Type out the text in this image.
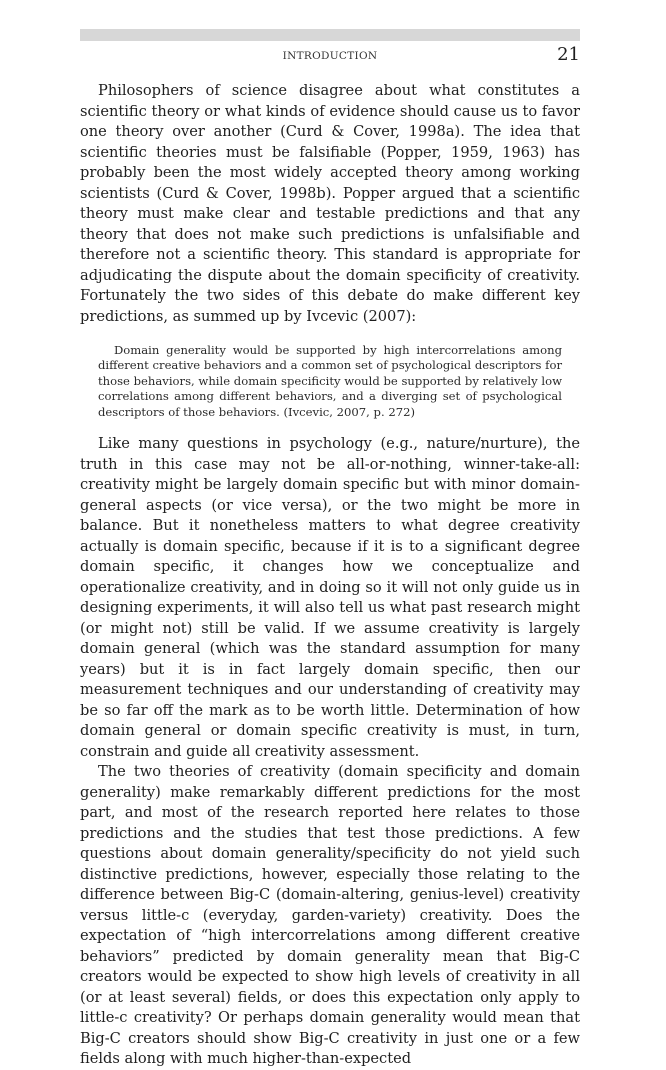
INTRODUCTION	21

Philosophers of science disagree about what constitutes a scientific theory or what kinds of evidence should cause us to favor one theory over another (Curd & Cover, 1998a). The idea that scientific theories must be falsifiable (Popper, 1959, 1963) has probably been the most widely accepted theory among working scientists (Curd & Cover, 1998b). Popper argued that a scientific theory must make clear and testable predictions and that any theory that does not make such predictions is unfalsifiable and therefore not a scientific theory. This standard is appropriate for adjudicating the dispute about the domain specificity of creativity. Fortunately the two sides of this debate do make different key predictions, as summed up by Ivcevic (2007):

Domain generality would be supported by high intercorrelations among different creative behaviors and a common set of psychological descriptors for those behaviors, while domain specificity would be supported by relatively low correlations among different behaviors, and a diverging set of psychological descriptors of those behaviors. (Ivcevic, 2007, p. 272)

Like many questions in psychology (e.g., nature/nurture), the truth in this case may not be all-or-nothing, winner-take-all: creativity might be largely domain specific but with minor domain-general aspects (or vice versa), or the two might be more in balance. But it nonetheless matters to what degree creativity actually is domain specific, because if it is to a significant degree domain specific, it changes how we conceptualize and operationalize creativity, and in doing so it will not only guide us in designing experiments, it will also tell us what past research might (or might not) still be valid. If we assume creativity is largely domain general (which was the standard assumption for many years) but it is in fact largely domain specific, then our measurement techniques and our understanding of creativity may be so far off the mark as to be worth little. Determination of how domain general or domain specific creativity is must, in turn, constrain and guide all creativity assessment.

The two theories of creativity (domain specificity and domain generality) make remarkably different predictions for the most part, and most of the research reported here relates to those predictions and the studies that test those predictions. A few questions about domain generality/specificity do not yield such distinctive predictions, however, especially those relating to the difference between Big-C (domain-altering, genius-level) creativity versus little-c (everyday, garden-variety) creativity. Does the expectation of “high intercorrelations among different creative behaviors” predicted by domain generality mean that Big-C creators would be expected to show high levels of creativity in all (or at least several) fields, or does this expectation only apply to little-c creativity? Or perhaps domain generality would mean that Big-C creators should show Big-C creativity in just one or a few fields along with much higher-than-expected
